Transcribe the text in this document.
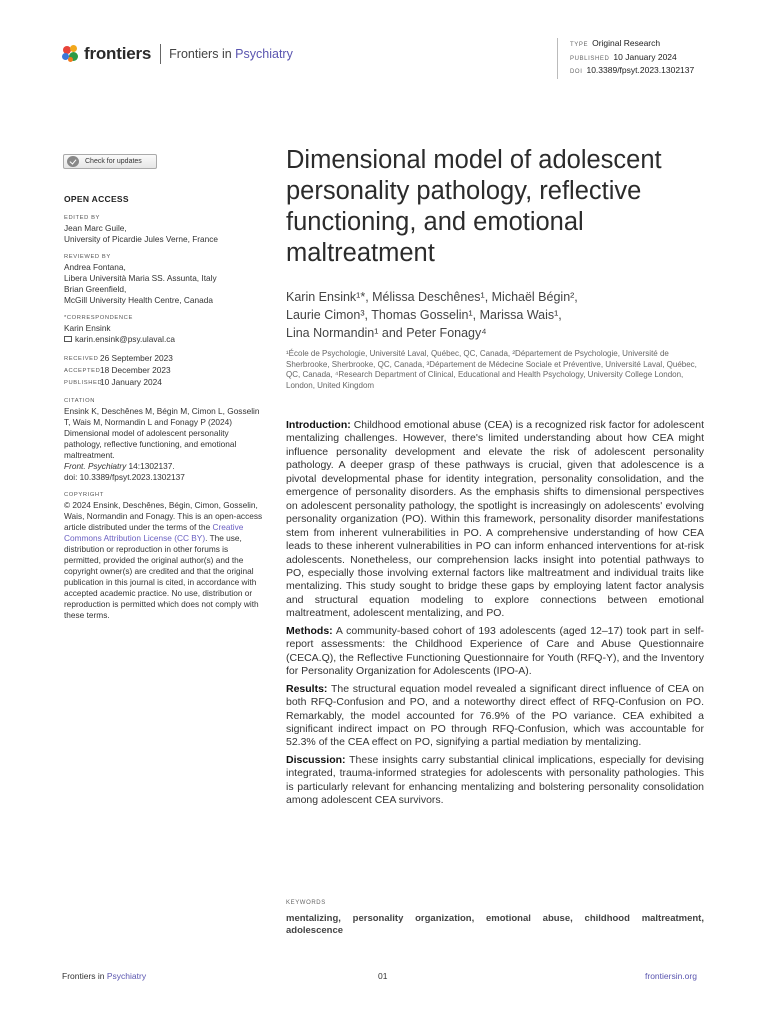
frontiers Frontiers in Psychiatry
TYPE Original Research
PUBLISHED 10 January 2024
DOI 10.3389/fpsyt.2023.1302137
Check for updates
OPEN ACCESS
EDITED BY
Jean Marc Guile,
University of Picardie Jules Verne, France
REVIEWED BY
Andrea Fontana,
Libera Università Maria SS. Assunta, Italy
Brian Greenfield,
McGill University Health Centre, Canada
*CORRESPONDENCE
Karin Ensink
karin.ensink@psy.ulaval.ca
RECEIVED 26 September 2023
ACCEPTED 18 December 2023
PUBLISHED
10 January 2024
CITATION
Ensink K, Deschênes M, Bégin M, Cimon L, Gosselin T, Wais M, Normandin L and Fonagy P (2024) Dimensional model of adolescent personality pathology, reflective functioning, and emotional maltreatment.
Front. Psychiatry 14:1302137.
doi: 10.3389/fpsyt.2023.1302137
COPYRIGHT
© 2024 Ensink, Deschênes, Bégin, Cimon, Gosselin, Wais, Normandin and Fonagy. This is an open-access article distributed under the terms of the Creative Commons Attribution License (CC BY). The use, distribution or reproduction in other forums is permitted, provided the original author(s) and the copyright owner(s) are credited and that the original publication in this journal is cited, in accordance with accepted academic practice. No use, distribution or reproduction is permitted which does not comply with these terms.
Dimensional model of adolescent personality pathology, reflective functioning, and emotional maltreatment
Karin Ensink¹*, Mélissa Deschênes¹, Michaël Bégin²,
Laurie Cimon³, Thomas Gosselin¹, Marissa Wais¹,
Lina Normandin¹ and Peter Fonagy⁴
¹École de Psychologie, Université Laval, Québec, QC, Canada, ²Département de Psychologie, Université de Sherbrooke, Sherbrooke, QC, Canada, ³Département de Médecine Sociale et Préventive, Université Laval, Québec, QC, Canada, ⁴Research Department of Clinical, Educational and Health Psychology, University College London, London, United Kingdom

Introduction: Childhood emotional abuse (CEA) is a recognized risk factor for adolescent mentalizing challenges. However, there's limited understanding about how CEA might influence personality development and elevate the risk of adolescent personality pathology. A deeper grasp of these pathways is crucial, given that adolescence is a pivotal developmental phase for identity integration, personality consolidation, and the emergence of personality disorders. As the emphasis shifts to dimensional perspectives on adolescent personality pathology, the spotlight is increasingly on adolescents' evolving personality organization (PO). Within this framework, personality disorder manifestations stem from inherent vulnerabilities in PO. A comprehensive understanding of how CEA leads to these inherent vulnerabilities in PO can inform enhanced interventions for at-risk adolescents. Nonetheless, our comprehension lacks insight into potential pathways to PO, especially those involving external factors like maltreatment and individual traits like mentalizing. This study sought to bridge these gaps by employing latent factor analysis and structural equation modeling to explore connections between emotional maltreatment, adolescent mentalizing, and PO.

Methods: A community-based cohort of 193 adolescents (aged 12–17) took part in self-report assessments: the Childhood Experience of Care and Abuse Questionnaire (CECA.Q), the Reflective Functioning Questionnaire for Youth (RFQ-Y), and the Inventory for Personality Organization for Adolescents (IPO-A).

Results: The structural equation model revealed a significant direct influence of CEA on both RFQ-Confusion and PO, and a noteworthy direct effect of RFQ-Confusion on PO. Remarkably, the model accounted for 76.9% of the PO variance. CEA exhibited a significant indirect impact on PO through RFQ-Confusion, which was accountable for 52.3% of the CEA effect on PO, signifying a partial mediation by mentalizing.

Discussion: These insights carry substantial clinical implications, especially for devising integrated, trauma-informed strategies for adolescents with personality pathologies. This is particularly relevant for enhancing mentalizing and bolstering personality consolidation among adolescent CEA survivors.

KEYWORDS
mentalizing, personality organization, emotional abuse, childhood maltreatment, adolescence
Frontiers in Psychiatry	01	frontiersin.org
